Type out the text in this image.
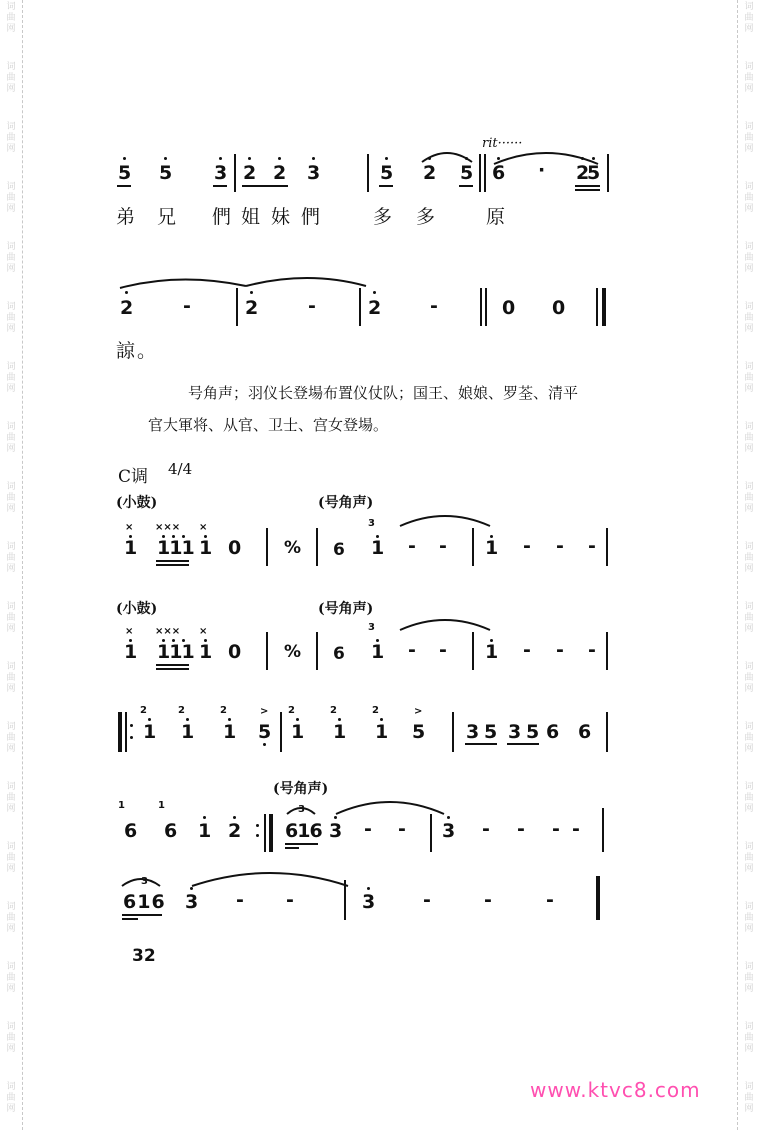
词
曲
网
词
曲
网
词
曲
网
词
曲
网
词
曲
网
词
曲
网
词
曲
网
词
曲
网
词
曲
网
词
曲
网
词
曲
网
词
曲
网
词
曲
网
词
曲
网
词
曲
网
词
曲
网
词
曲
网
词
曲
网
词
曲
网
词
曲
网
词
曲
网
词
曲
网
词
曲
网
词
曲
网
词
曲
网
词
曲
网
词
曲
网
词
曲
网
词
曲
网
词
曲
网
词
曲
网
词
曲
网
词
曲
网
词
曲
网
词
曲
网
词
曲
网
词
曲
网
词
曲
网
rit······
5 5 3 2 2 3	5 2 5 6 · 2
5
弟 兄 們 姐 妹 們	多 多	原
2	-	2	-	2	-	0 0
諒。
号角声；羽仪长登場布置仪仗队；国王、娘娘、罗荃、清平
官大軍将、从官、卫士、宫女登場。
C调 4/4
(小鼓)	(号角声)
× ××× ×
1 111 1 0	% 6
3
1 - - 1 - - -
(小鼓)	(号角声)
× ××× ×
1 111 1 0	% 6
3
1 - - 1 - - -
2
1
2
1
2
1
>
5
2
1
2
1
2
1
>
5 3 5 3 5 6 6
(号角声)
1
6
1
6 1 2
3
616 3 - - 3 - - - -
3
616 3 - -	3	-	-	-
32
www.ktvc8.com
